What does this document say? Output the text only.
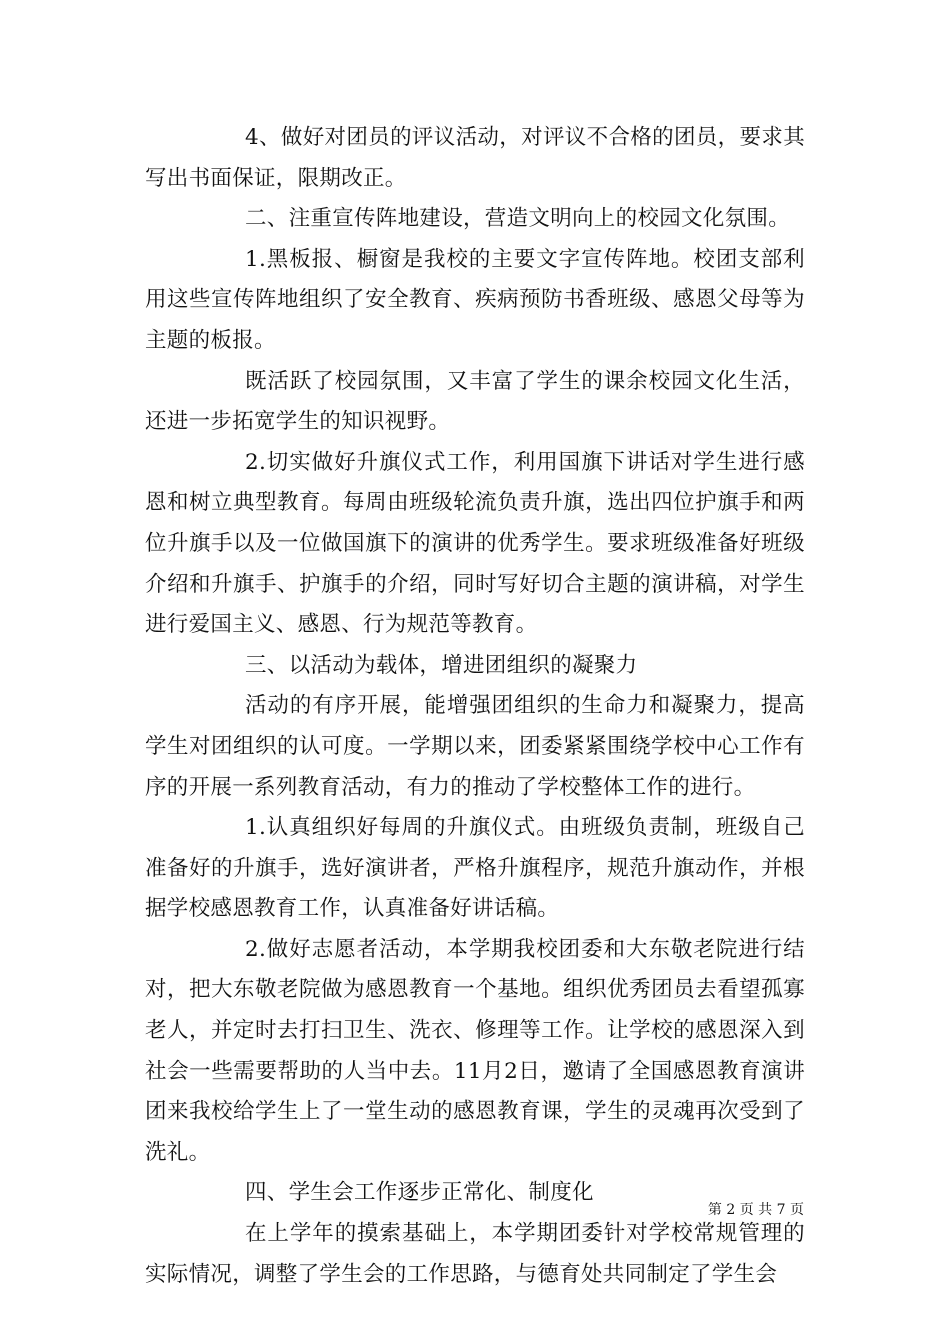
4、做好对团员的评议活动，对评议不合格的团员，要求其写出书面保证，限期改正。

二、注重宣传阵地建设，营造文明向上的校园文化氛围。

1.黑板报、橱窗是我校的主要文字宣传阵地。校团支部利用这些宣传阵地组织了安全教育、疾病预防书香班级、感恩父母等为主题的板报。

既活跃了校园氛围，又丰富了学生的课余校园文化生活，还进一步拓宽学生的知识视野。

2.切实做好升旗仪式工作，利用国旗下讲话对学生进行感恩和树立典型教育。每周由班级轮流负责升旗，选出四位护旗手和两位升旗手以及一位做国旗下的演讲的优秀学生。要求班级准备好班级介绍和升旗手、护旗手的介绍，同时写好切合主题的演讲稿，对学生进行爱国主义、感恩、行为规范等教育。

三、以活动为载体，增进团组织的凝聚力

活动的有序开展，能增强团组织的生命力和凝聚力，提高学生对团组织的认可度。一学期以来，团委紧紧围绕学校中心工作有序的开展一系列教育活动，有力的推动了学校整体工作的进行。

1.认真组织好每周的升旗仪式。由班级负责制，班级自己准备好的升旗手，选好演讲者，严格升旗程序，规范升旗动作，并根据学校感恩教育工作，认真准备好讲话稿。

2.做好志愿者活动，本学期我校团委和大东敬老院进行结对，把大东敬老院做为感恩教育一个基地。组织优秀团员去看望孤寡老人，并定时去打扫卫生、洗衣、修理等工作。让学校的感恩深入到社会一些需要帮助的人当中去。11月2日，邀请了全国感恩教育演讲团来我校给学生上了一堂生动的感恩教育课，学生的灵魂再次受到了洗礼。

四、学生会工作逐步正常化、制度化

在上学年的摸索基础上，本学期团委针对学校常规管理的实际情况，调整了学生会的工作思路，与德育处共同制定了学生会

第 2 页 共 7 页
